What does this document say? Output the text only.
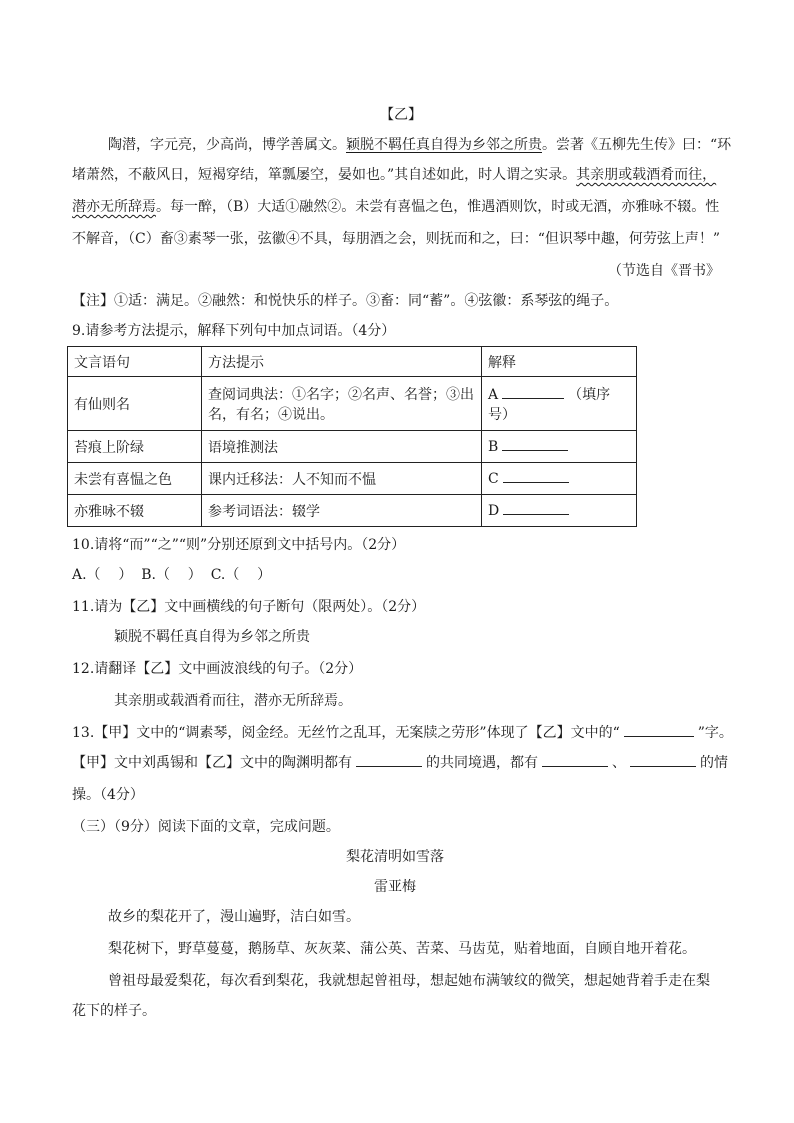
【乙】
陶潜，字元亮，少高尚，博学善属文。颖脱不羁任真自得为乡邻之所贵。尝著《五柳先生传》曰：“环
堵萧然，不蔽风日，短褐穿结，箪瓢屡空，晏如也。”其自述如此，时人谓之实录。其亲朋或载酒肴而往，
潜亦无所辞焉。每一醉，（B）大适①融然②。未尝有喜愠之色，惟遇酒则饮，时或无酒，亦雅咏不辍。性
不解音，（C）畜③素琴一张，弦徽④不具，每朋酒之会，则抚而和之，曰：“但识琴中趣，何劳弦上声！”
（节选自《晋书》
【注】①适：满足。②融然：和悦快乐的样子。③畜：同“蓄”。④弦徽：系琴弦的绳子。
9.请参考方法提示，解释下列句中加点词语。（4分）
文言语句	方法提示	解释
有仙则名	查阅词典法：①名字；②名声、名誉；③出
名，有名；④说出。	A （填序号）
苔痕上阶绿	语境推测法	B
未尝有喜愠之色	课内迁移法：人不知而不愠	C
亦雅咏不辍	参考词语法：辍学	D
10.请将“而”“之”“则”分别还原到文中括号内。（2分）
A.（    ）  B.（    ）  C.（    ）
11.请为【乙】文中画横线的句子断句（限两处）。（2分）
颖脱不羁任真自得为乡邻之所贵
12.请翻译【乙】文中画波浪线的句子。（2分）
其亲朋或载酒肴而往，潜亦无所辞焉。
13.【甲】文中的“调素琴，阅金经。无丝竹之乱耳，无案牍之劳形”体现了【乙】文中的“	”字。
【甲】文中刘禹锡和【乙】文中的陶渊明都有	的共同境遇，都有	、	的情
操。（4分）
（三）（9分）阅读下面的文章，完成问题。
梨花清明如雪落
雷亚梅
故乡的梨花开了，漫山遍野，洁白如雪。
梨花树下，野草蔓蔓，鹅肠草、灰灰菜、蒲公英、苦菜、马齿苋，贴着地面，自顾自地开着花。
曾祖母最爱梨花，每次看到梨花，我就想起曾祖母，想起她布满皱纹的微笑，想起她背着手走在梨
花下的样子。
